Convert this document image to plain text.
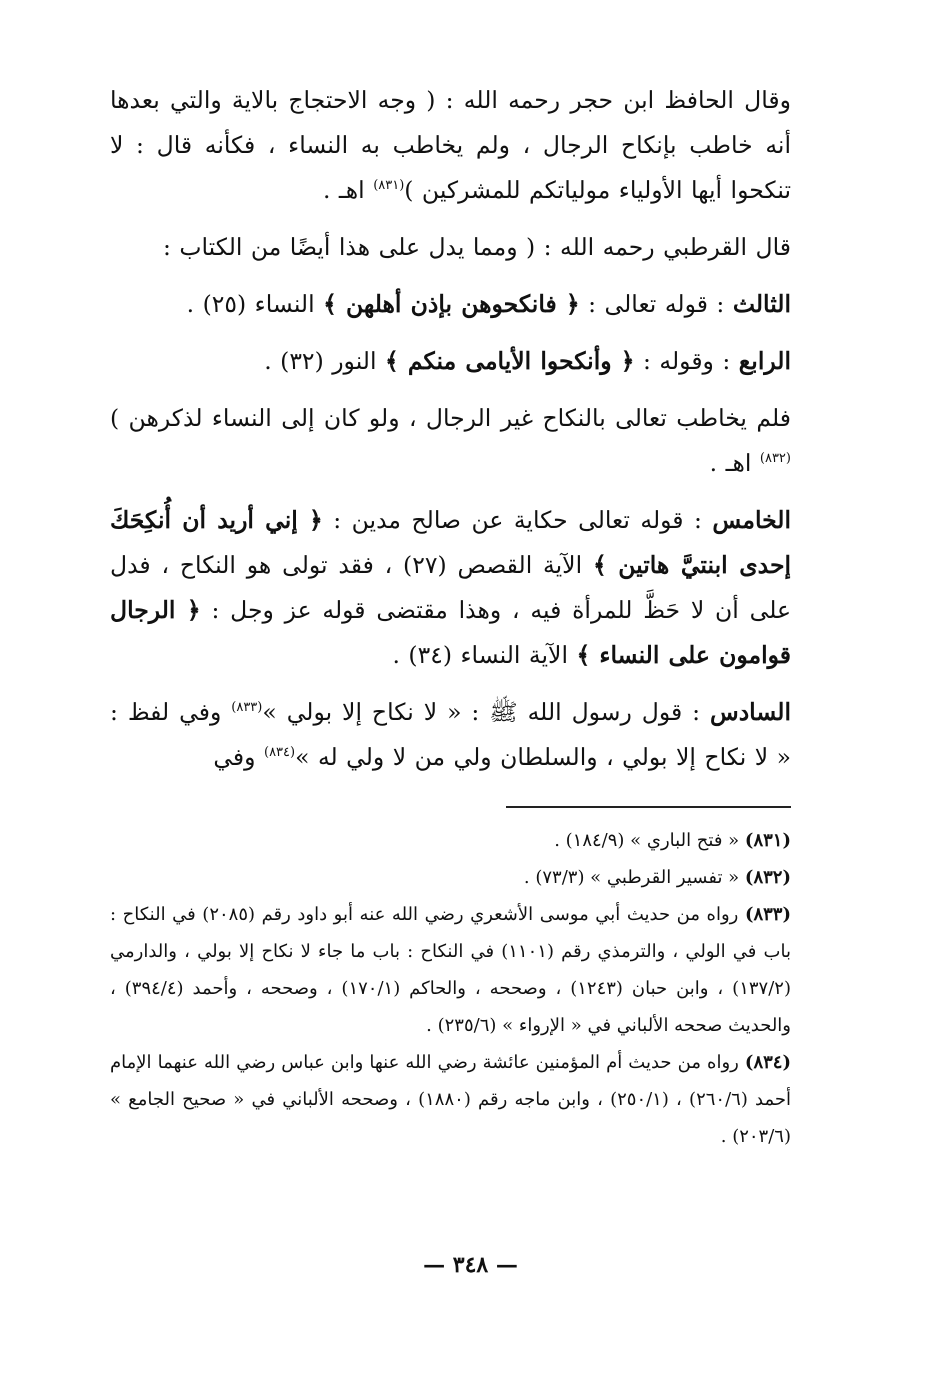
وقال الحافظ ابن حجر رحمه الله : ( وجه الاحتجاج بالاية والتي بعدها أنه خاطب بإنكاح الرجال ، ولم يخاطب به النساء ، فكأنه قال : لا تنكحوا أيها الأولياء مولياتكم للمشركين )$^{(٨٣١)}$ اهـ .

قال القرطبي رحمه الله : ( ومما يدل على هذا أيضًا من الكتاب :

الثالث : قوله تعالى : ﴿ فانكحوهن بإذن أهلهن ﴾ النساء (٢٥) .

الرابع : وقوله : ﴿ وأنكحوا الأيامى منكم ﴾ النور (٣٢) .

فلم يخاطب تعالى بالنكاح غير الرجال ، ولو كان إلى النساء لذكرهن )$^{(٨٣٢)}$ اهـ .

الخامس : قوله تعالى حكاية عن صالح مدين : ﴿ إني أريد أن أُنكِحَكَ إحدى ابنتيَّ هاتين ﴾ الآية القصص (٢٧) ، فقد تولى هو النكاح ، فدل على أن لا حَظَّ للمرأة فيه ، وهذا مقتضى قوله عز وجل : ﴿ الرجال قوامون على النساء ﴾ الآية النساء (٣٤) .

السادس : قول رسول الله ﷺ : « لا نكاح إلا بولي »$^{(٨٣٣)}$ وفي لفظ : « لا نكاح إلا بولي ، والسلطان ولي من لا ولي له »$^{(٨٣٤)}$ وفي

(٨٣١) « فتح الباري » (١٨٤/٩) .

(٨٣٢) « تفسير القرطبي » (٧٣/٣) .

(٨٣٣) رواه من حديث أبي موسى الأشعري رضي الله عنه أبو داود رقم (٢٠٨٥) في النكاح : باب في الولي ، والترمذي رقم (١١٠١) في النكاح : باب ما جاء لا نكاح إلا بولي ، والدارمي (١٣٧/٢) ، وابن حبان (١٢٤٣) ، وصححه ، والحاكم (١٧٠/١) ، وصححه ، وأحمد (٣٩٤/٤) ، والحديث صححه الألباني في « الإرواء » (٢٣٥/٦) .

(٨٣٤) رواه من حديث أم المؤمنين عائشة رضي الله عنها وابن عباس رضي الله عنهما الإمام أحمد (٢٦٠/٦) ، (٢٥٠/١) ، وابن ماجه رقم (١٨٨٠) ، وصححه الألباني في « صحيح الجامع » (٢٠٣/٦) .

— ٣٤٨ —
